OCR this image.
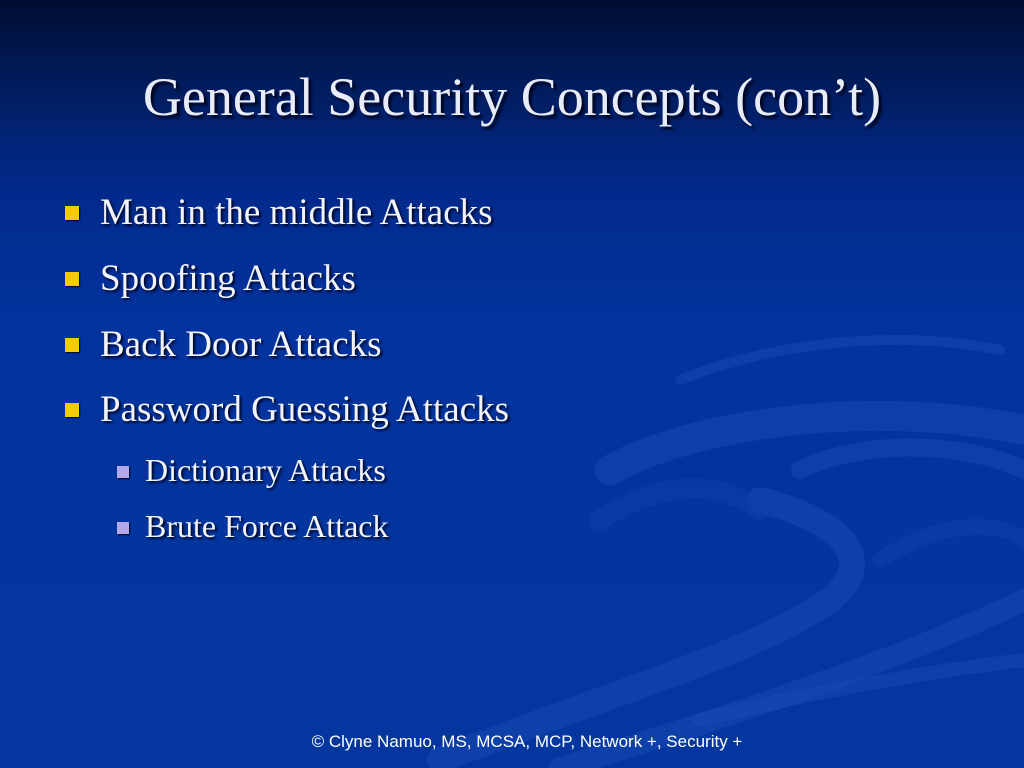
General Security Concepts (con’t)
Man in the middle Attacks
Spoofing Attacks
Back Door Attacks
Password Guessing Attacks
Dictionary Attacks
Brute Force Attack
© Clyne Namuo, MS, MCSA, MCP, Network +, Security +
